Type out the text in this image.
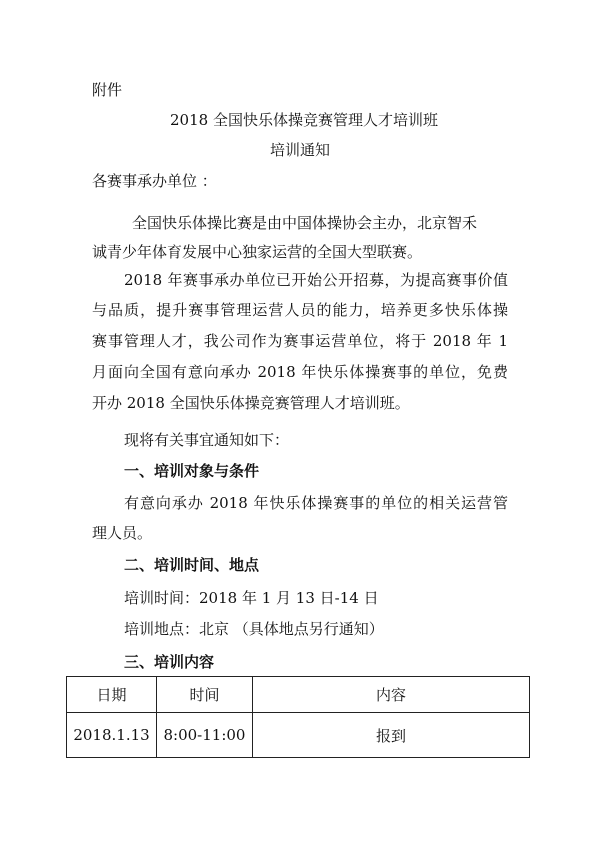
附件
2018 全国快乐体操竞赛管理人才培训班
培训通知
各赛事承办单位 ：
全国快乐体操比赛是由中国体操协会主办，北京智禾
诚青少年体育发展中心独家运营的全国大型联赛。
2018 年赛事承办单位已开始公开招募，为提高赛事价值
与品质，提升赛事管理运营人员的能力，培养更多快乐体操
赛事管理人才，我公司作为赛事运营单位，将于 2018 年 1
月面向全国有意向承办 2018 年快乐体操赛事的单位，免费
开办 2018 全国快乐体操竞赛管理人才培训班。
现将有关事宜通知如下：
一、培训对象与条件
有意向承办 2018 年快乐体操赛事的单位的相关运营管
理人员。
二、培训时间、地点
培训时间：2018 年 1 月 13 日-14 日
培训地点：北京 （具体地点另行通知）
三、培训内容
日期	时间	内容
2018.1.13	8:00-11:00	报到
